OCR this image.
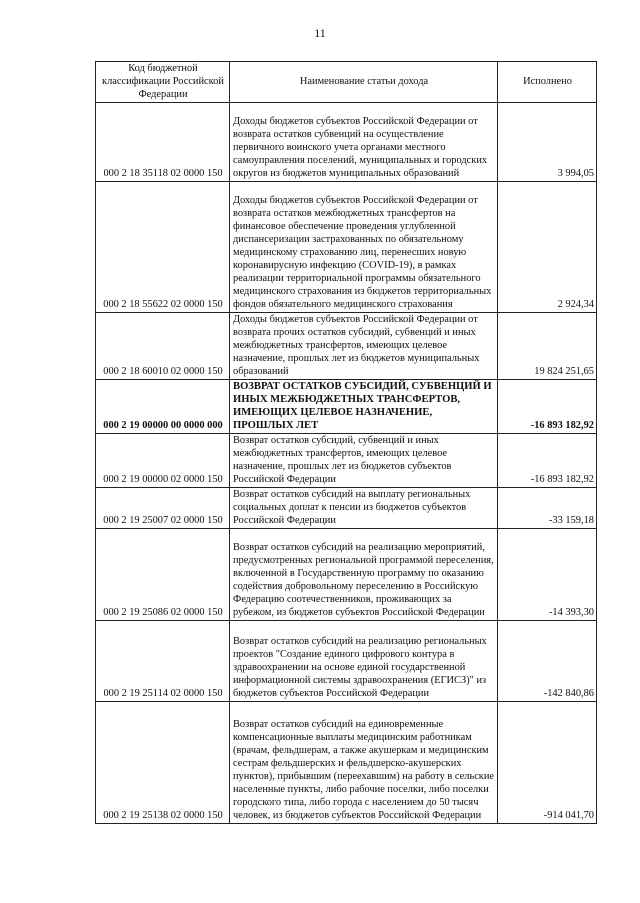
11
Код бюджетной классификации Российской Федерации	Наименование статьи дохода	Исполнено
000 2 18 35118 02 0000 150	Доходы бюджетов субъектов Российской Федерации от возврата остатков субвенций на осуществление первичного воинского учета органами местного самоуправления поселений, муниципальных и городских округов из бюджетов муниципальных образований	3 994,05
000 2 18 55622 02 0000 150	Доходы бюджетов субъектов Российской Федерации от возврата остатков межбюджетных трансфертов на финансовое обеспечение проведения углубленной диспансеризации застрахованных по обязательному медицинскому страхованию лиц, перенесших новую коронавирусную инфекцию (COVID-19), в рамках реализации территориальной программы обязательного медицинского страхования из бюджетов территориальных фондов обязательного медицинского страхования	2 924,34
000 2 18 60010 02 0000 150	Доходы бюджетов субъектов Российской Федерации от возврата прочих остатков субсидий, субвенций и иных межбюджетных трансфертов, имеющих целевое назначение, прошлых лет из бюджетов муниципальных образований	19 824 251,65
000 2 19 00000 00 0000 000	ВОЗВРАТ ОСТАТКОВ СУБСИДИЙ, СУБВЕНЦИЙ И ИНЫХ МЕЖБЮДЖЕТНЫХ ТРАНСФЕРТОВ, ИМЕЮЩИХ ЦЕЛЕВОЕ НАЗНАЧЕНИЕ, ПРОШЛЫХ ЛЕТ	-16 893 182,92
000 2 19 00000 02 0000 150	Возврат остатков субсидий, субвенций и иных межбюджетных трансфертов, имеющих целевое назначение, прошлых лет из бюджетов субъектов Российской Федерации	-16 893 182,92
000 2 19 25007 02 0000 150	Возврат остатков субсидий на выплату региональных социальных доплат к пенсии из бюджетов субъектов Российской Федерации	-33 159,18
000 2 19 25086 02 0000 150	Возврат остатков субсидий на реализацию мероприятий, предусмотренных региональной программой переселения, включенной в Государственную программу по оказанию содействия добровольному переселению в Российскую Федерацию соотечественников, проживающих за рубежом, из бюджетов субъектов Российской Федерации	-14 393,30
000 2 19 25114 02 0000 150	Возврат остатков субсидий на реализацию региональных проектов "Создание единого цифрового контура в здравоохранении на основе единой государственной информационной системы здравоохранения (ЕГИСЗ)" из бюджетов субъектов Российской Федерации	-142 840,86
000 2 19 25138 02 0000 150	Возврат остатков субсидий на единовременные компенсационные выплаты медицинским работникам (врачам, фельдшерам, а также акушеркам и медицинским сестрам фельдшерских и фельдшерско-акушерских пунктов), прибывшим (переехавшим) на работу в сельские населенные пункты, либо рабочие поселки, либо поселки городского типа, либо города с населением до 50 тысяч человек, из бюджетов субъектов Российской Федерации	-914 041,70
